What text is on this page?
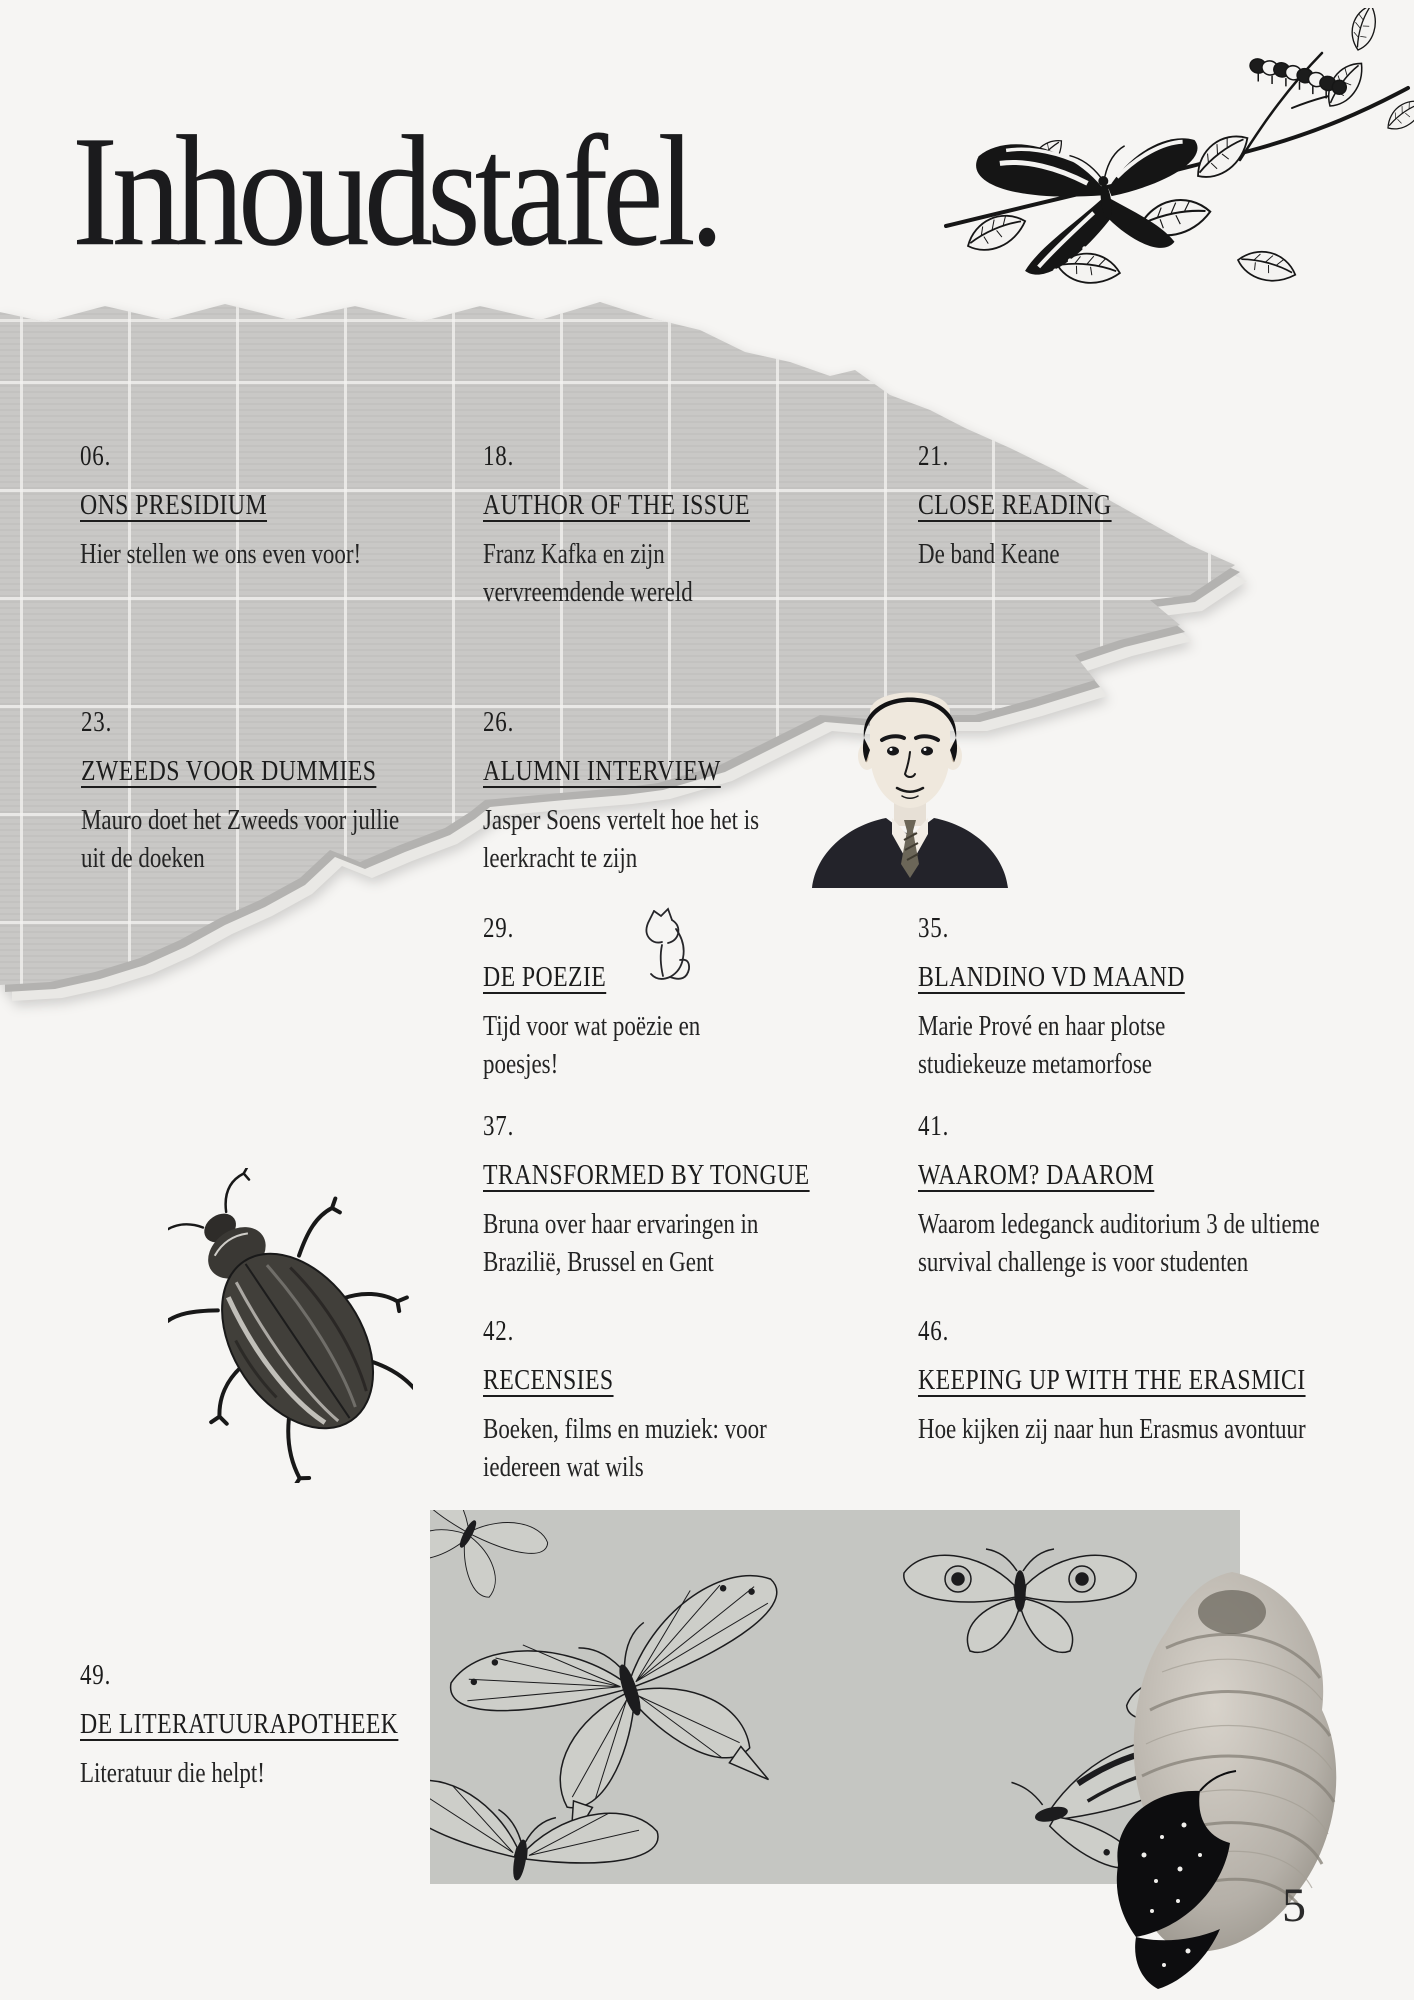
Inhoudstafel.
06.
ONS PRESIDIUM
Hier stellen we ons even voor!
18.
AUTHOR OF THE ISSUE
Franz Kafka en zijn vervreemdende wereld
21.
CLOSE READING
De band Keane
23.
ZWEEDS VOOR DUMMIES
Mauro doet het Zweeds voor jullie uit de doeken
26.
ALUMNI INTERVIEW
Jasper Soens vertelt hoe het is leerkracht te zijn
29.
DE POEZIE
Tijd voor wat poëzie en poesjes!
35.
BLANDINO VD MAAND
Marie Prové en haar plotse studiekeuze metamorfose
37.
TRANSFORMED BY TONGUE
Bruna over haar ervaringen in Brazilië, Brussel en Gent
41.
WAAROM? DAAROM
Waarom ledeganck auditorium 3 de ultieme survival challenge is voor studenten
42.
RECENSIES
Boeken, films en muziek: voor iedereen wat wils
46.
KEEPING UP WITH THE ERASMICI
Hoe kijken zij naar hun Erasmus avontuur
49.
DE LITERATUURAPOTHEEK
Literatuur die helpt!
5
